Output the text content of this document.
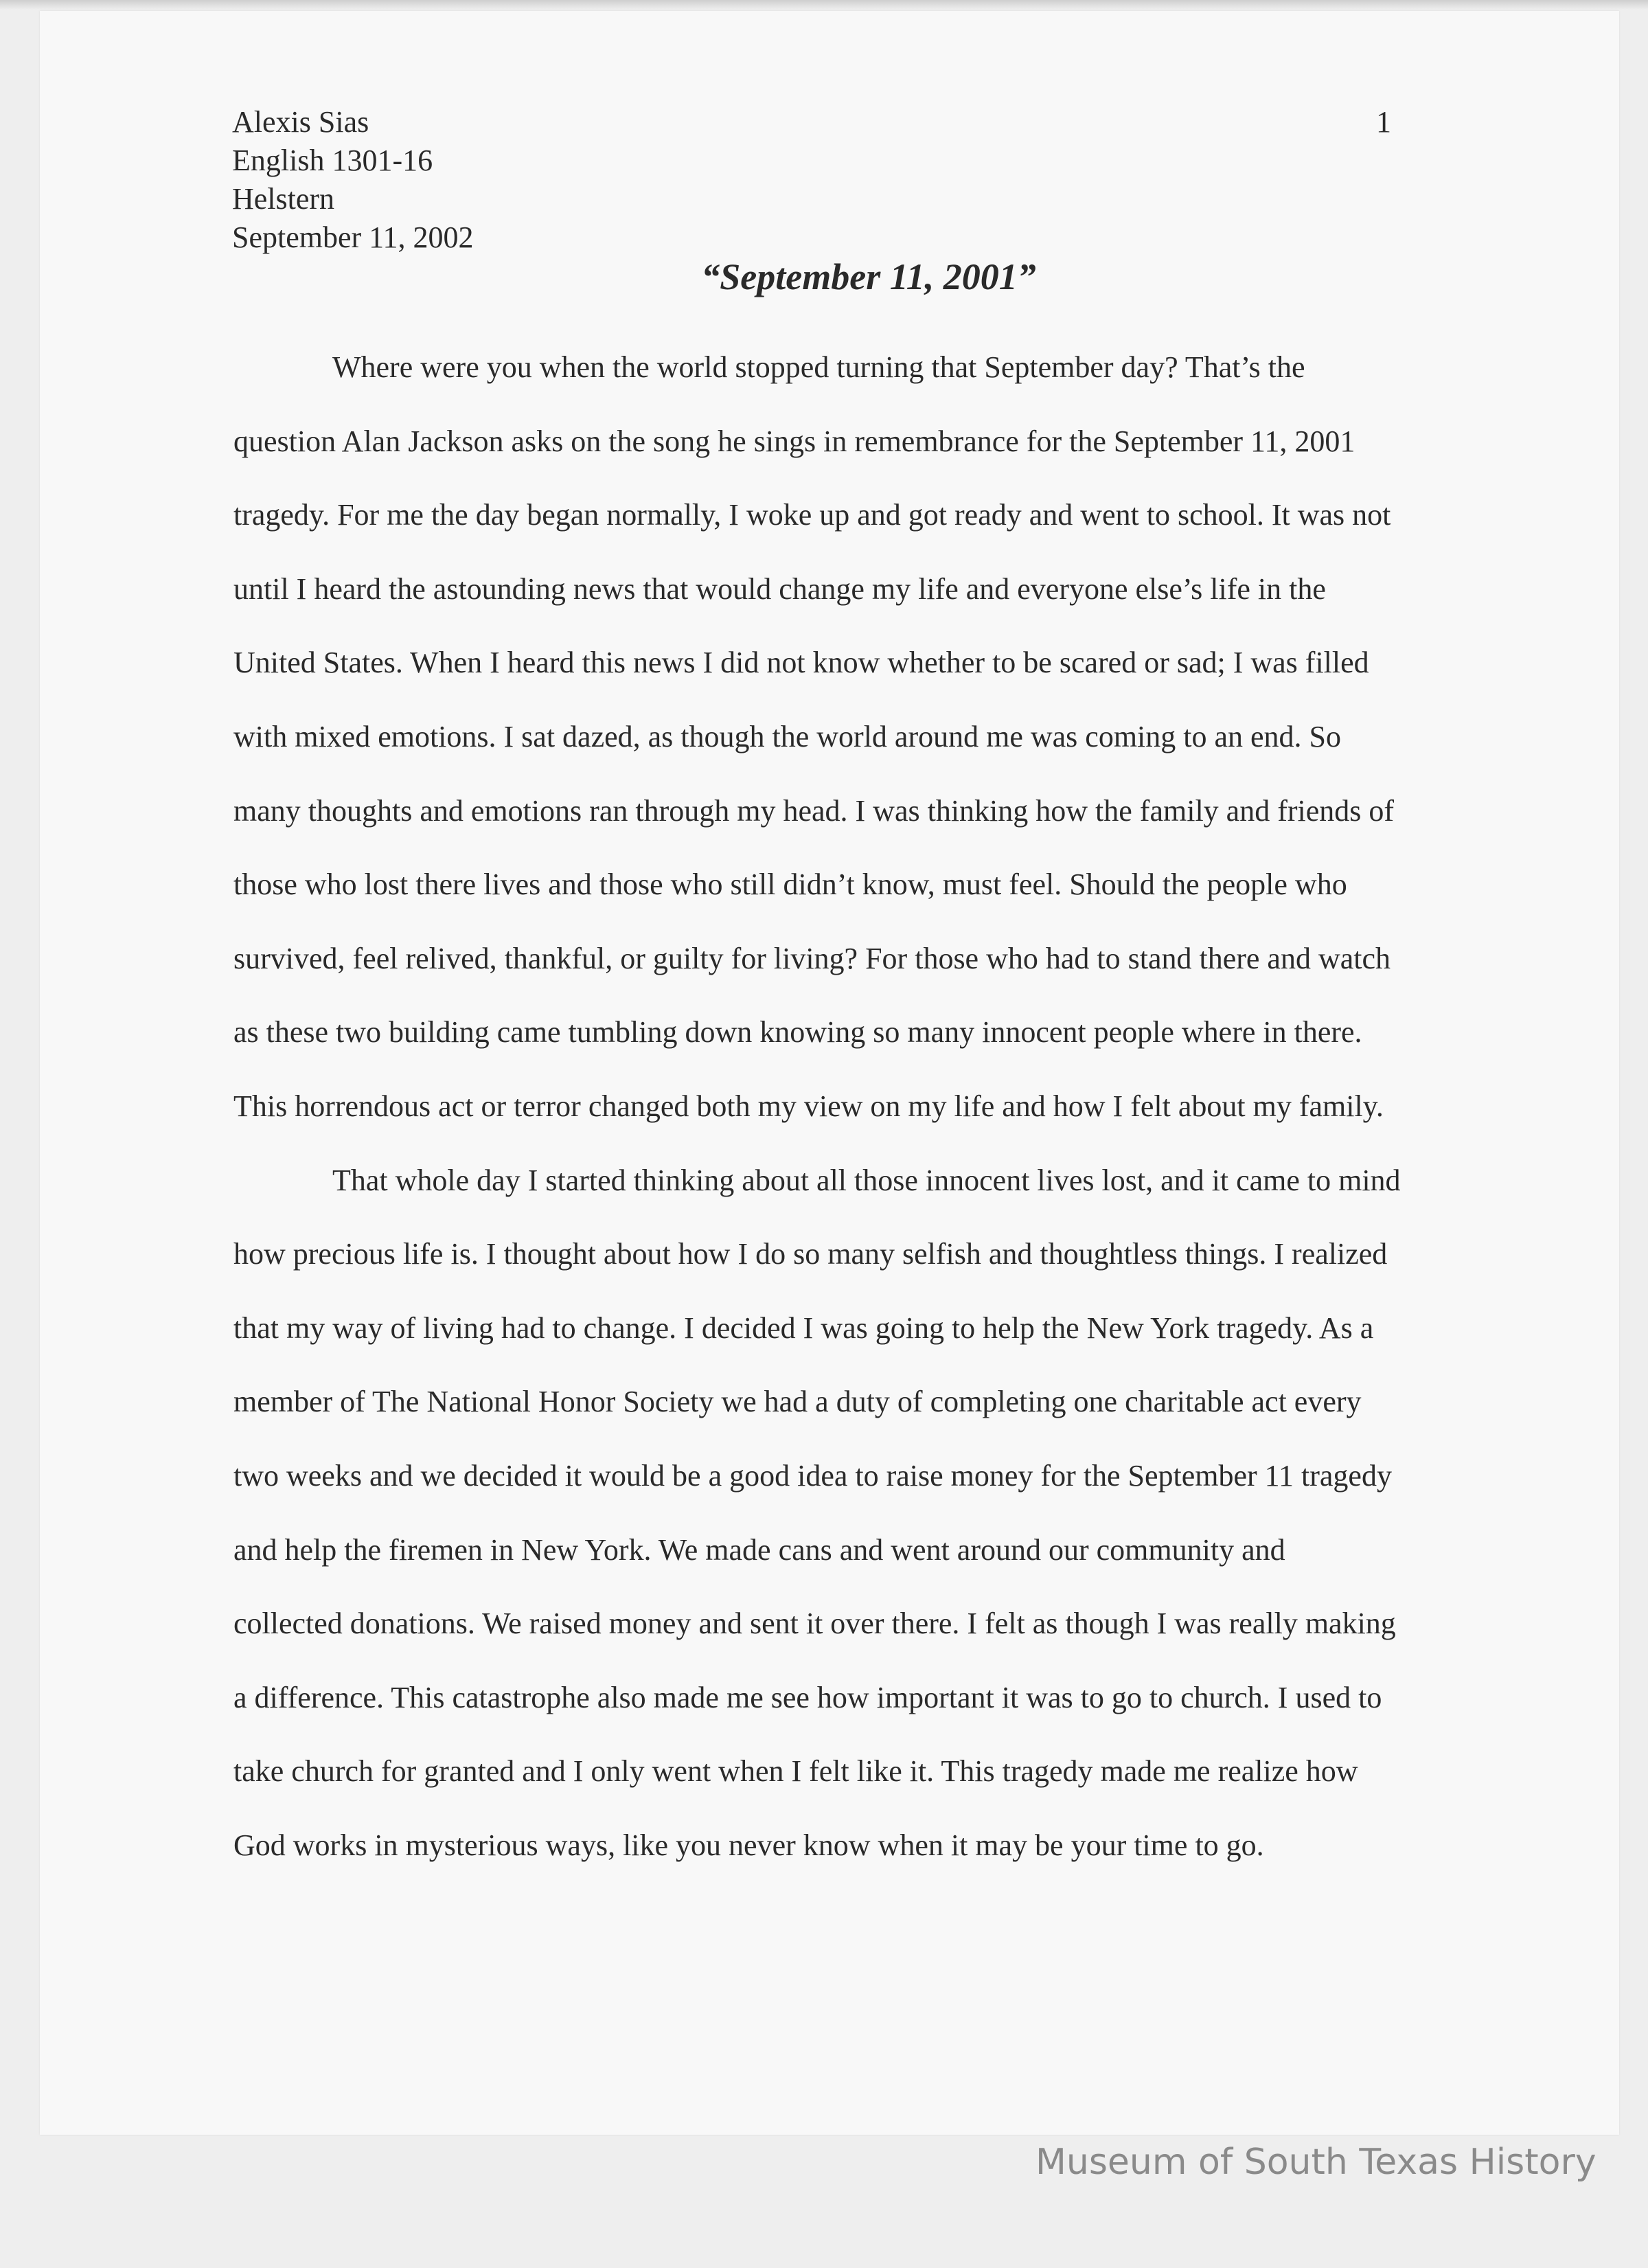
Alexis Sias
English 1301-16
Helstern
September 11, 2002
1
“September 11, 2001”
Where were you when the world stopped turning that September day? That’s the
question Alan Jackson asks on the song he sings in remembrance for the September 11, 2001
tragedy. For me the day began normally, I woke up and got ready and went to school. It was not
until I heard the astounding news that would change my life and everyone else’s life in the
United States. When I heard this news I did not know whether to be scared or sad; I was filled
with mixed emotions. I sat dazed, as though the world around me was coming to an end. So
many thoughts and emotions ran through my head. I was thinking how the family and friends of
those who lost there lives and those who still didn’t know, must feel. Should the people who
survived, feel relived, thankful, or guilty for living? For those who had to stand there and watch
as these two building came tumbling down knowing so many innocent people where in there.
This horrendous act or terror changed both my view on my life and how I felt about my family.
That whole day I started thinking about all those innocent lives lost, and it came to mind
how precious life is. I thought about how I do so many selfish and thoughtless things. I realized
that my way of living had to change. I decided I was going to help the New York tragedy. As a
member of The National Honor Society we had a duty of completing one charitable act every
two weeks and we decided it would be a good idea to raise money for the September 11 tragedy
and help the firemen in New York. We made cans and went around our community and
collected donations. We raised money and sent it over there. I felt as though I was really making
a difference. This catastrophe also made me see how important it was to go to church. I used to
take church for granted and I only went when I felt like it. This tragedy made me realize how
God works in mysterious ways, like you never know when it may be your time to go.
Museum of South Texas History
